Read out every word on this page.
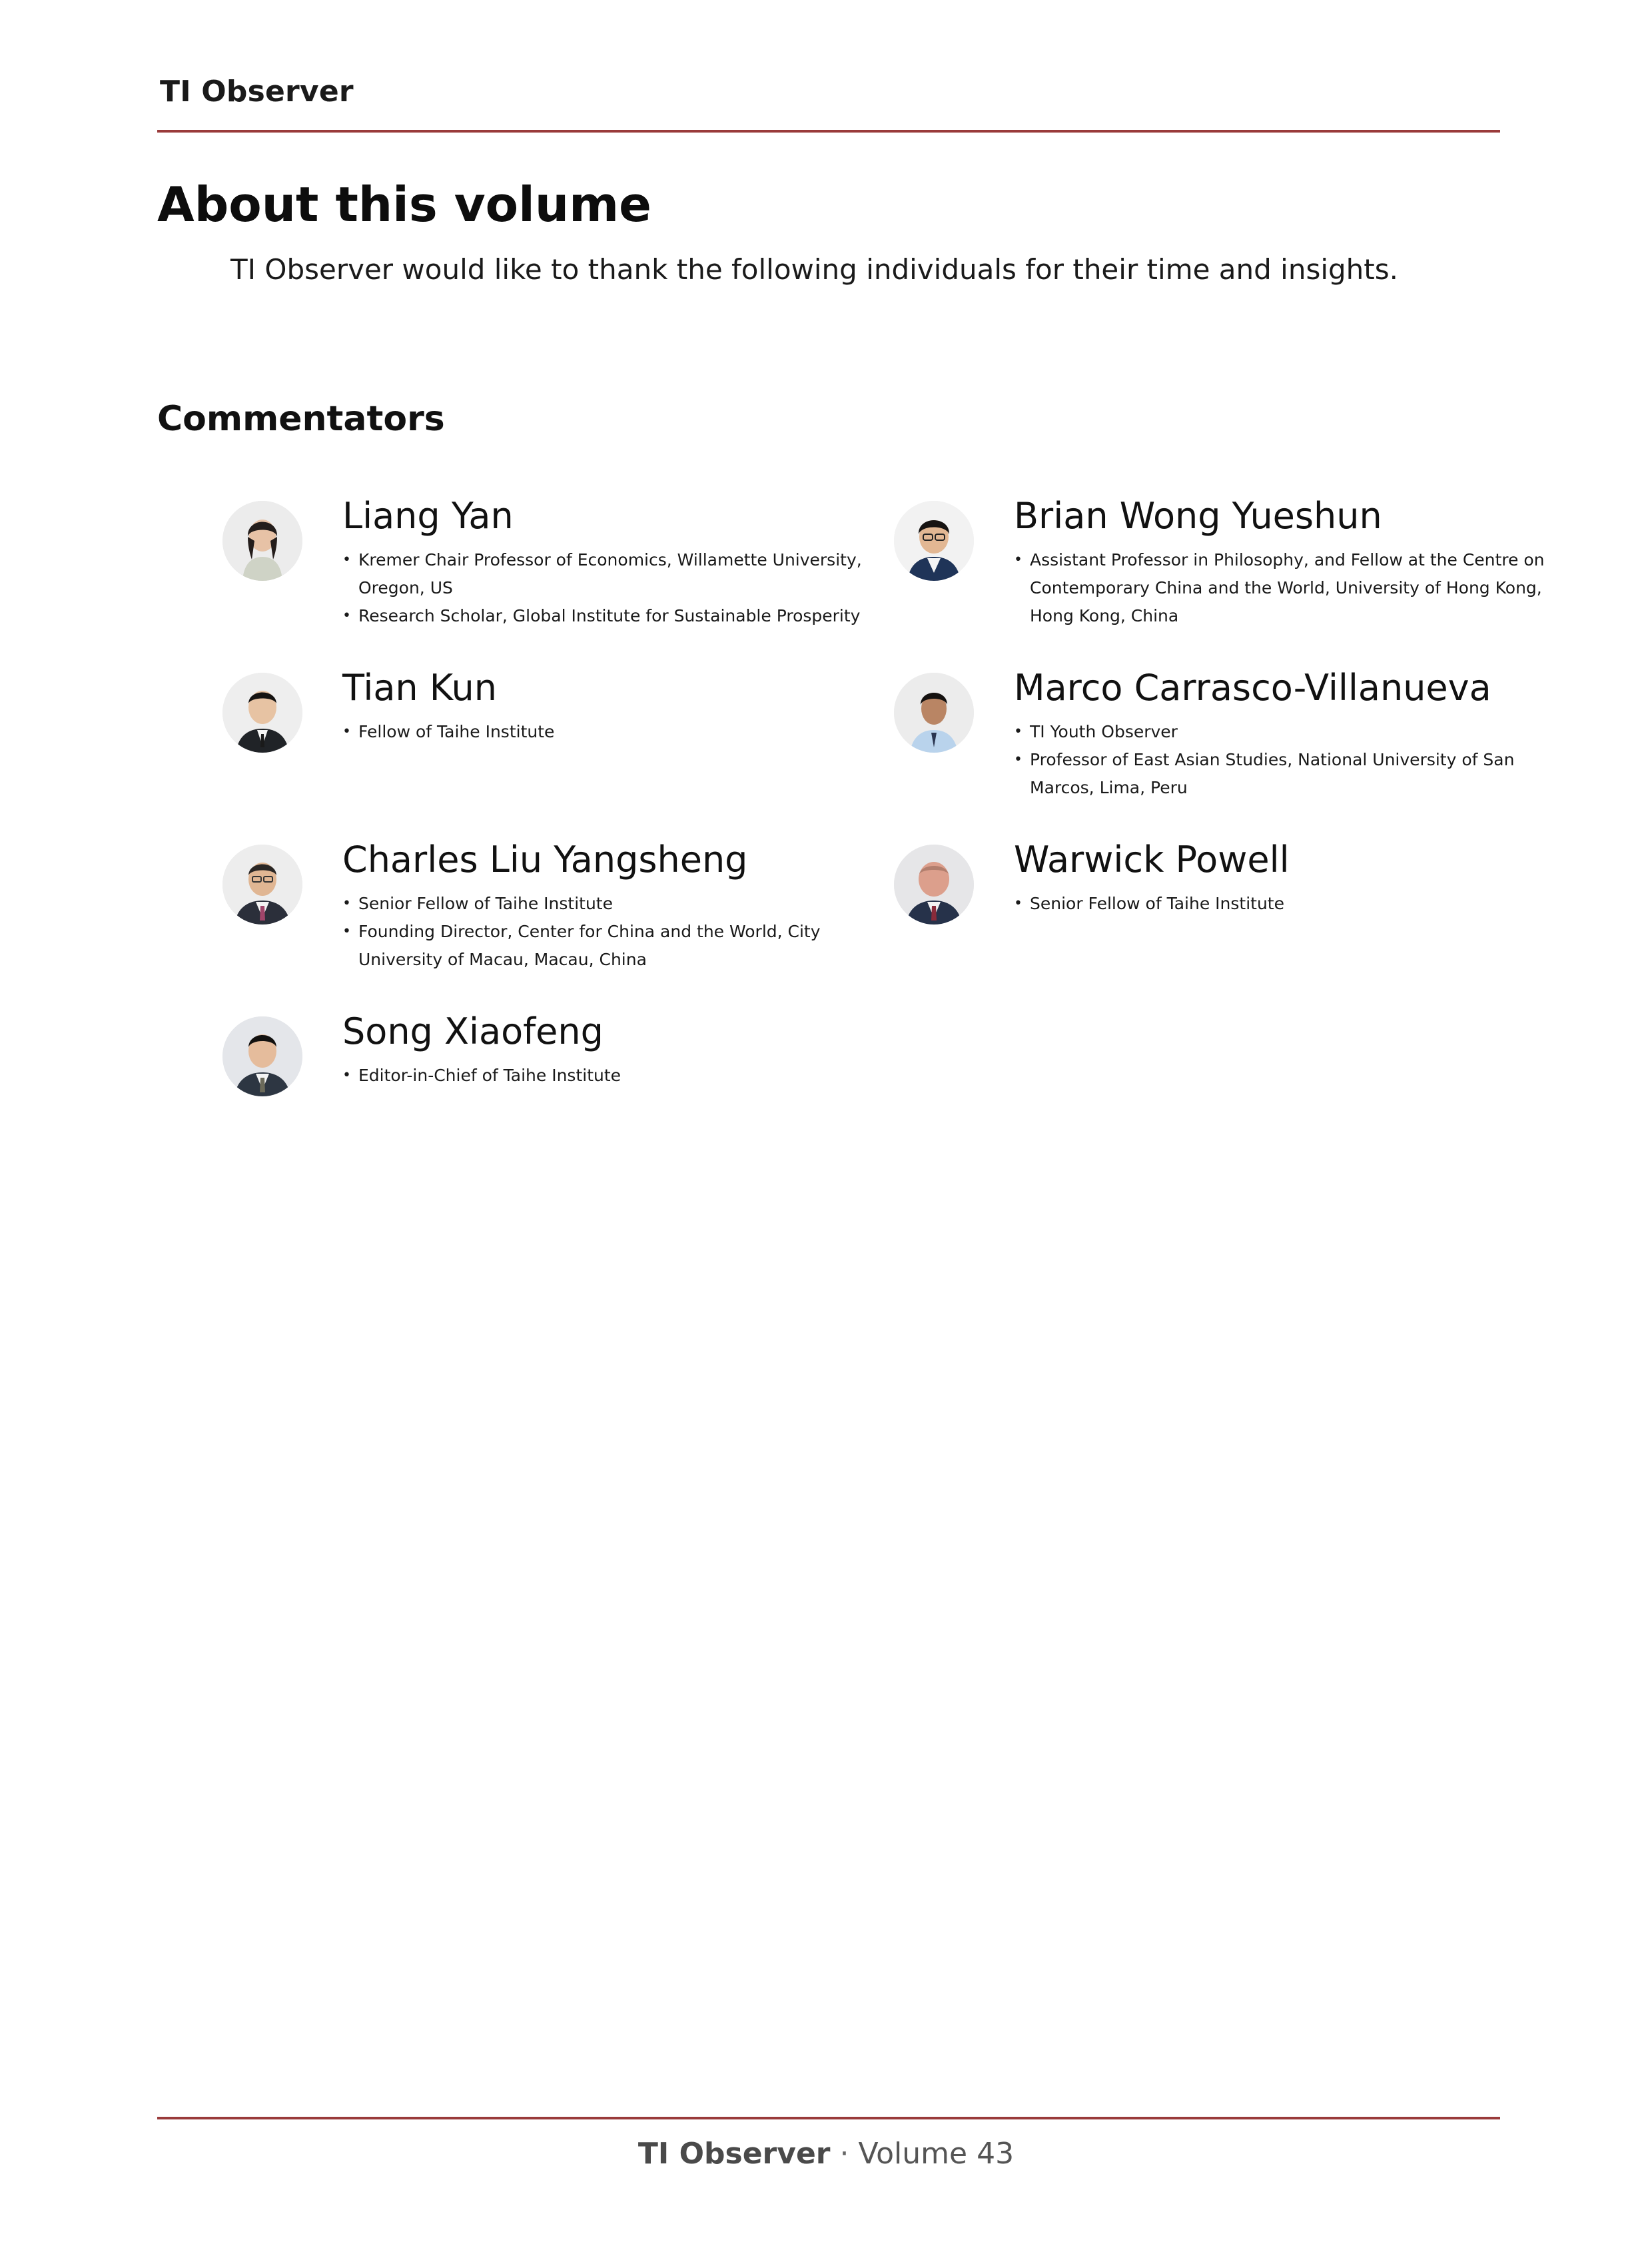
TI Observer
About this volume

TI Observer would like to thank the following individuals for their time and insights.

Commentators
Liang Yan
• Kremer Chair Professor of Economics, Willamette University, Oregon, US
• Research Scholar, Global Institute for Sustainable Prosperity
Brian Wong Yueshun
• Assistant Professor in Philosophy, and Fellow at the Centre on Contemporary China and the World, University of Hong Kong, Hong Kong, China
Tian Kun
• Fellow of Taihe Institute
Marco Carrasco-Villanueva
• TI Youth Observer
• Professor of East Asian Studies, National University of San Marcos, Lima, Peru
Charles Liu Yangsheng
• Senior Fellow of Taihe Institute
• Founding Director, Center for China and the World, City University of Macau, Macau, China
Warwick Powell
• Senior Fellow of Taihe Institute
Song Xiaofeng
• Editor-in-Chief of Taihe Institute
TI Observer · Volume 43
